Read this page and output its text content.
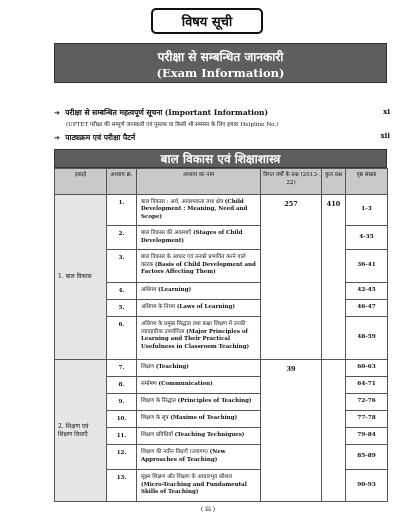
विषय सूची
परीक्षा से सम्बन्धित जानकारी
(Exam Information)
➔ परीक्षा से सम्बन्धित महत्वपूर्ण सूचना (Important Information)
(UPTET परीक्षा की सम्पूर्ण जानकारी एवं पुस्तक या किसी भी समस्या के लिए हमारा Helpline No.)
xi
➔ पाठ्यक्रम एवं परीक्षा पैटर्न	xii
बाल विकास एवं शिक्षाशास्त्र
इकाई	अध्याय क्र.	अध्याय का नाम	विगत वर्षों के प्रश्न (2013-22)	कुल प्रश्न	पृष्ठ संख्या
1. बाल विकास	1.	बाल विकास : अर्थ, आवश्यकता तथा क्षेत्र (Child Development : Meaning, Need and Scope)	257	410	1-3
	2.	बाल विकास की अवस्थाएँ (Stages of Child Development)			4-35
	3.	बाल विकास के आधार एवं उनको प्रभावित करने वाले कारक (Basis of Child Development and Factors Affecting Them)			36-41
	4.	अधिगम (Learning)			42-45
	5.	अधिगम के नियम (Laws of Learning)			46-47
	6.	अधिगम के प्रमुख सिद्धांत तथा कक्षा शिक्षण में उनकी व्यावहारिक उपयोगिता (Major Principles of Learning and Their Practical Usefulness in Classroom Teaching)			48-59
2. शिक्षण एवं शिक्षण विधाएँ	7.	शिक्षण (Teaching)	39		60-63
	8.	सम्प्रेषण (Communication)			64-71
	9.	शिक्षण के सिद्धांत (Principles of Teaching)			72-76
	10.	शिक्षण के सूत्र (Maxims of Teaching)			77-78
	11.	शिक्षण प्रविधियाँ (Teaching Techniques)			79-84
	12.	शिक्षण की नवीन विधाएँ (उपागम) (New Approaches of Teaching)			85-89
	13.	सूक्ष्म शिक्षण और शिक्षण के आधारभूत कौशल (Micro-Teaching and Fundamental Skills of Teaching)			90-93
( iii )
